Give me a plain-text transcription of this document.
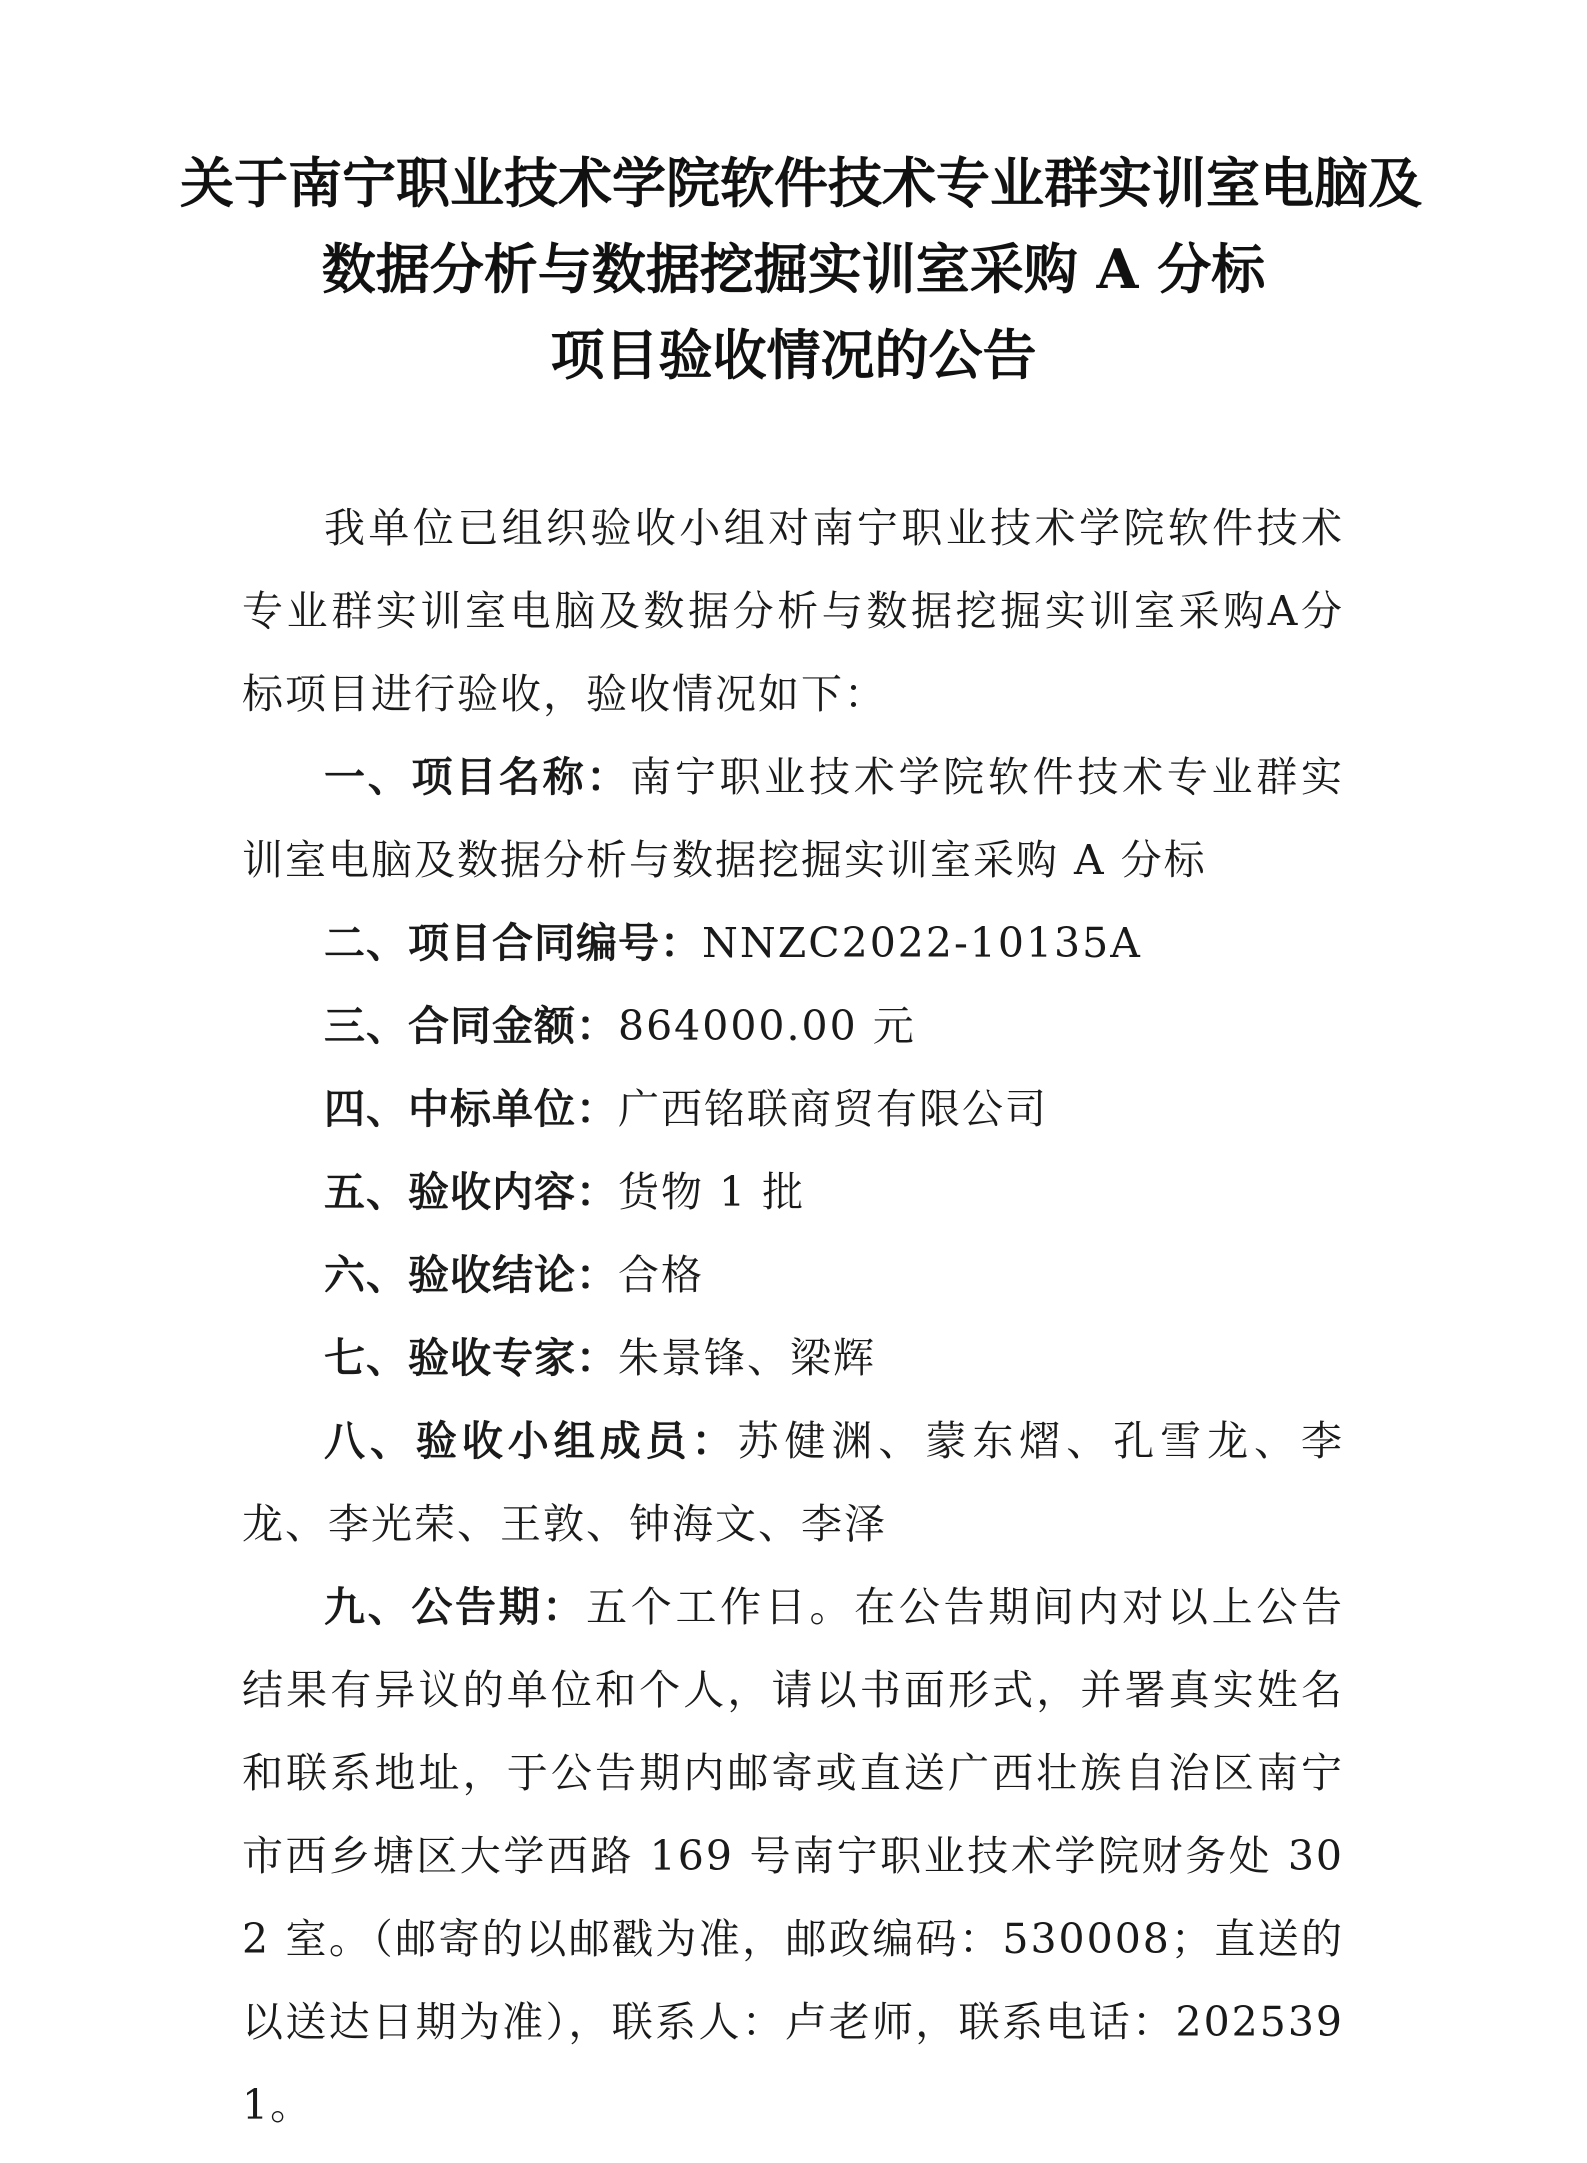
关于南宁职业技术学院软件技术专业群实训室电脑及
数据分析与数据挖掘实训室采购 A 分标
项目验收情况的公告

我单位已组织验收小组对南宁职业技术学院软件技术专业群实训室电脑及数据分析与数据挖掘实训室采购A分标项目进行验收，验收情况如下：

一、项目名称：南宁职业技术学院软件技术专业群实训室电脑及数据分析与数据挖掘实训室采购 A 分标

二、项目合同编号：NNZC2022-10135A

三、合同金额：864000.00 元

四、中标单位：广西铭联商贸有限公司

五、验收内容：货物 1 批

六、验收结论：合格

七、验收专家：朱景锋、梁辉

八、验收小组成员：苏健渊、蒙东熠、孔雪龙、李龙、李光荣、王敦、钟海文、李泽

九、公告期：五个工作日。在公告期间内对以上公告结果有异议的单位和个人，请以书面形式，并署真实姓名和联系地址，于公告期内邮寄或直送广西壮族自治区南宁市西乡塘区大学西路 169 号南宁职业技术学院财务处 302 室。（邮寄的以邮戳为准，邮政编码：530008；直送的以送达日期为准），联系人：卢老师，联系电话：2025391。
